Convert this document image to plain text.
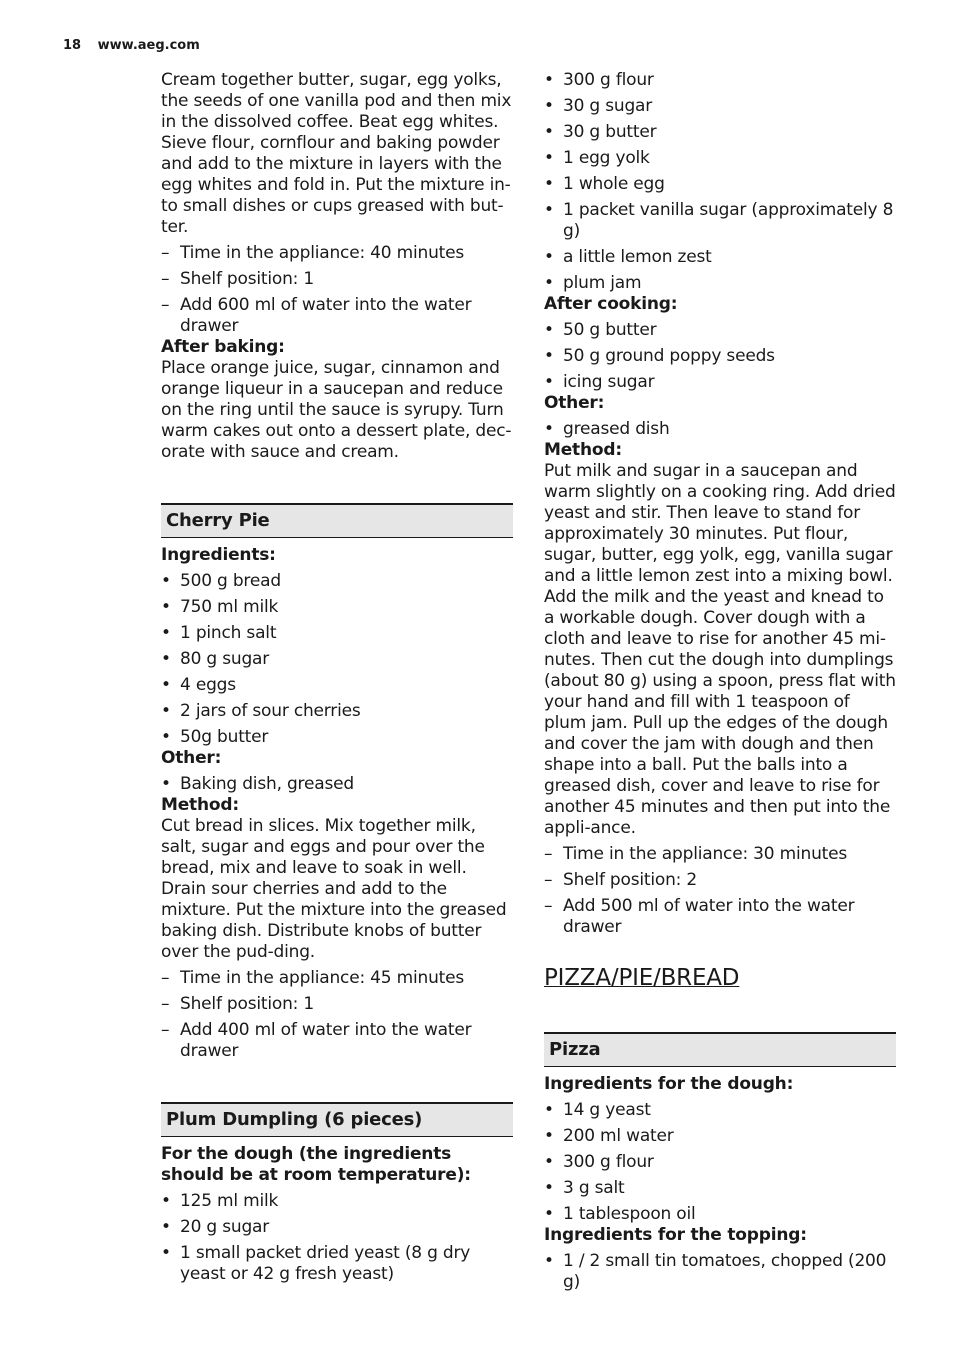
18 www.aeg.com

Cream together butter, sugar, egg yolks, the seeds of one vanilla pod and then mix in the dissolved coffee. Beat egg whites. Sieve flour, cornflour and baking powder and add to the mixture in layers with the egg whites and fold in. Put the mixture in-to small dishes or cups greased with but-ter.

– Time in the appliance: 40 minutes
– Shelf position: 1
– Add 600 ml of water into the water drawer

After baking:

Place orange juice, sugar, cinnamon and orange liqueur in a saucepan and reduce on the ring until the sauce is syrupy. Turn warm cakes out onto a dessert plate, dec-orate with sauce and cream.

Cherry Pie

Ingredients:

• 500 g bread
• 750 ml milk
• 1 pinch salt
• 80 g sugar
• 4 eggs
• 2 jars of sour cherries
• 50g butter

Other:

• Baking dish, greased

Method:

Cut bread in slices. Mix together milk, salt, sugar and eggs and pour over the bread, mix and leave to soak in well. Drain sour cherries and add to the mixture. Put the mixture into the greased baking dish. Distribute knobs of butter over the pud-ding.

– Time in the appliance: 45 minutes
– Shelf position: 1
– Add 400 ml of water into the water drawer
Plum Dumpling (6 pieces)

For the dough (the ingredients should be at room temperature):

• 125 ml milk
• 20 g sugar
• 1 small packet dried yeast (8 g dry yeast or 42 g fresh yeast)
• 300 g flour
• 30 g sugar
• 30 g butter
• 1 egg yolk
• 1 whole egg
• 1 packet vanilla sugar (approximately 8 g)
• a little lemon zest
• plum jam

After cooking:

• 50 g butter
• 50 g ground poppy seeds
• icing sugar

Other:

• greased dish

Method:

Put milk and sugar in a saucepan and warm slightly on a cooking ring. Add dried yeast and stir. Then leave to stand for approximately 30 minutes. Put flour, sugar, butter, egg yolk, egg, vanilla sugar and a little lemon zest into a mixing bowl. Add the milk and the yeast and knead to a workable dough. Cover dough with a cloth and leave to rise for another 45 mi-nutes. Then cut the dough into dumplings (about 80 g) using a spoon, press flat with your hand and fill with 1 teaspoon of plum jam. Pull up the edges of the dough and cover the jam with dough and then shape into a ball. Put the balls into a greased dish, cover and leave to rise for another 45 minutes and then put into the appli-ance.

– Time in the appliance: 30 minutes
– Shelf position: 2
– Add 500 ml of water into the water drawer
PIZZA/PIE/BREAD
Pizza

Ingredients for the dough:

• 14 g yeast
• 200 ml water
• 300 g flour
• 3 g salt
• 1 tablespoon oil

Ingredients for the topping:

• 1 / 2 small tin tomatoes, chopped (200 g)
